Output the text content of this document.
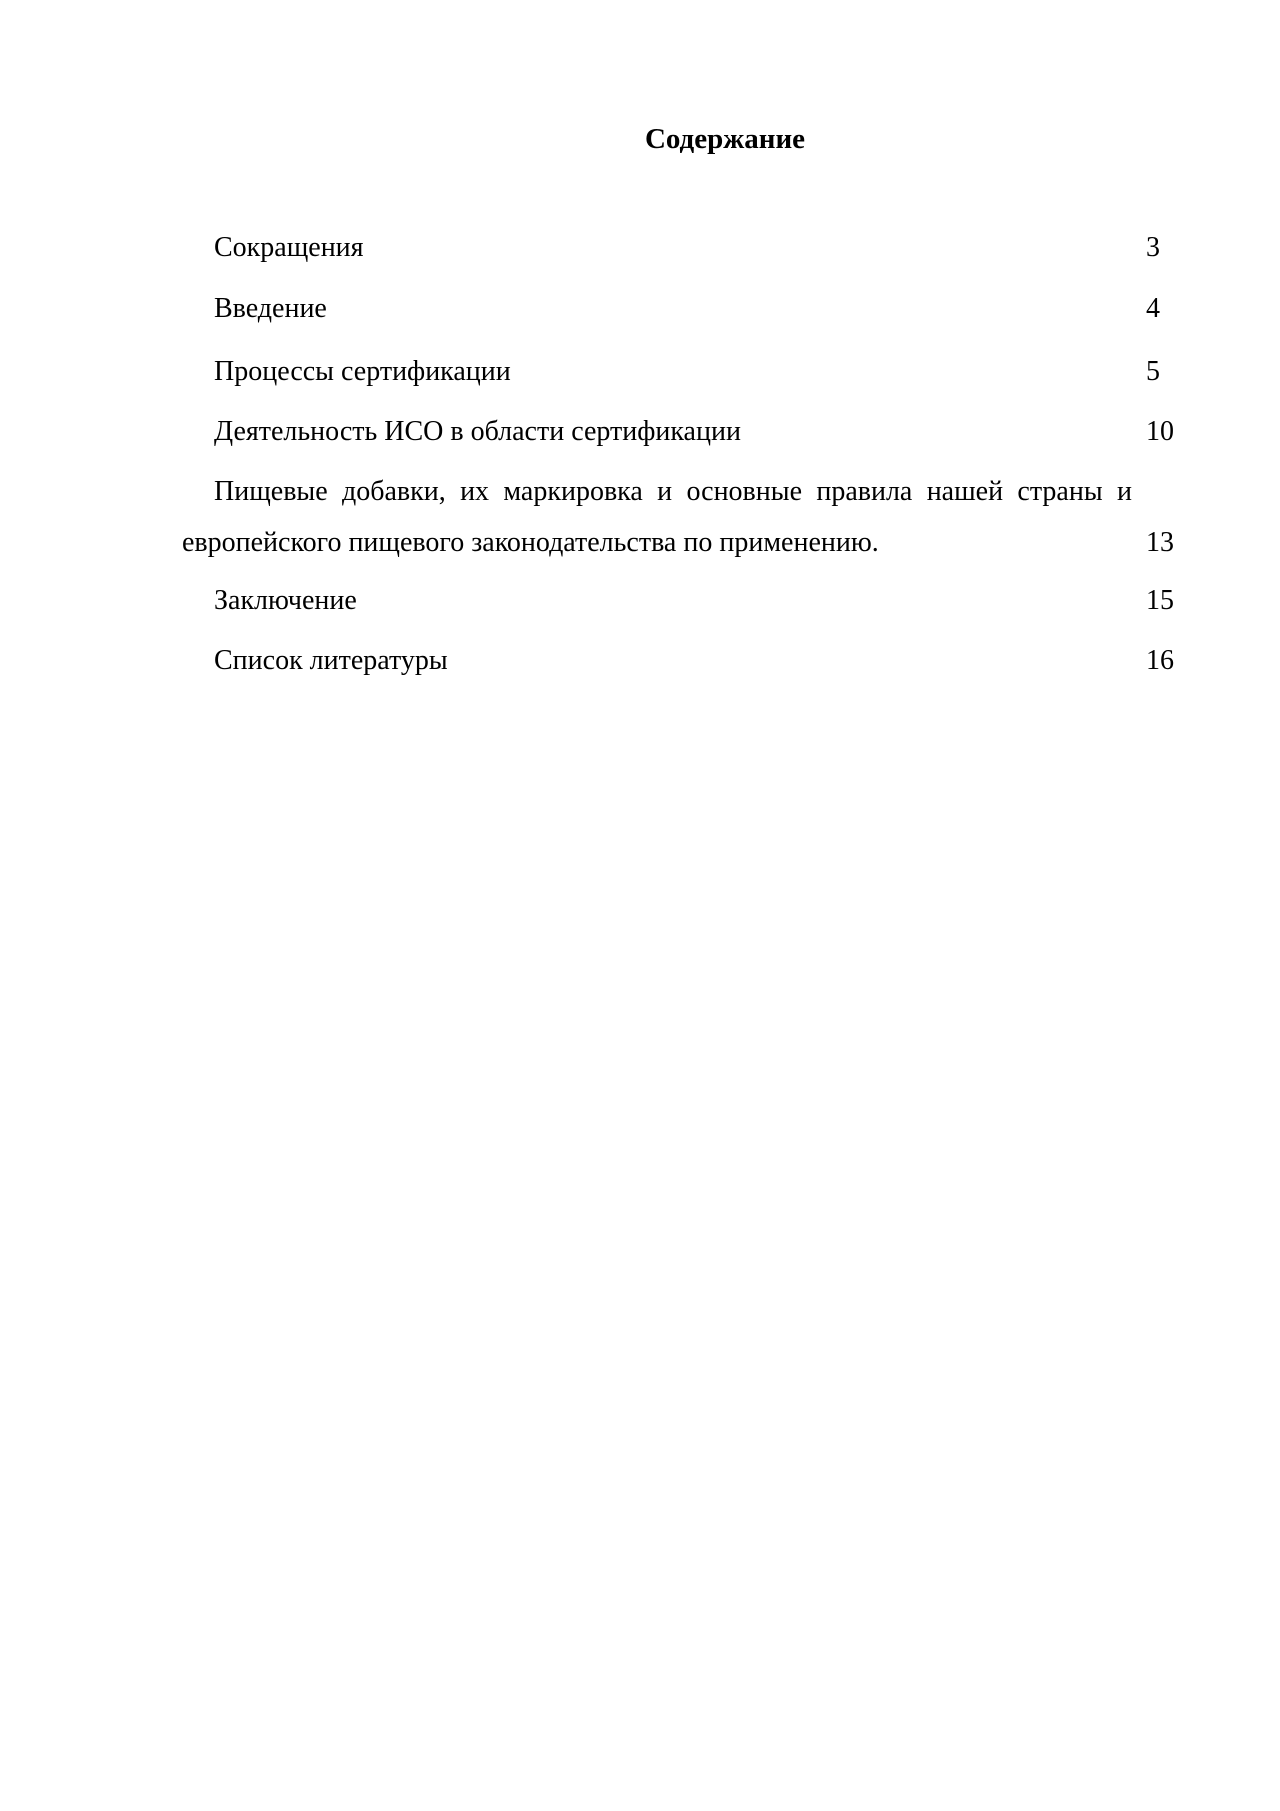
Содержание
Сокращения	3
Введение	4
Процессы сертификации	5
Деятельность ИСО в области сертификации	10
Пищевые добавки, их маркировка и основные правила нашей страны и европейского пищевого законодательства по применению.	13
Заключение	15
Список литературы	16
